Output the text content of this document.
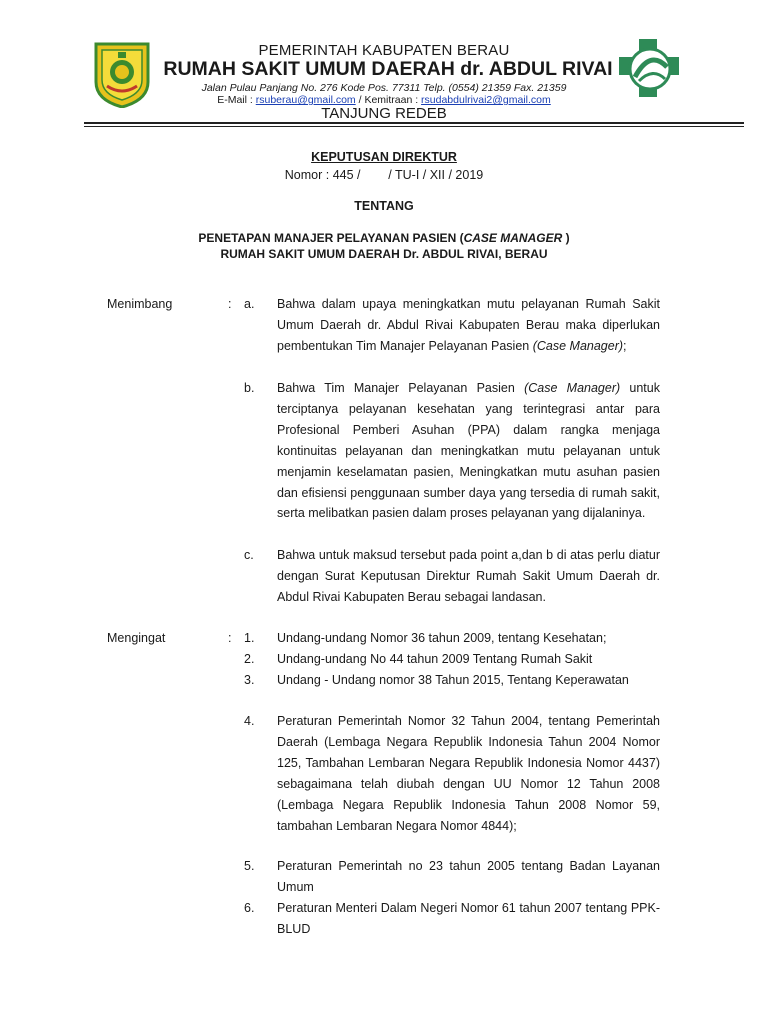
PEMERINTAH KABUPATEN BERAU
RUMAH SAKIT UMUM DAERAH dr. ABDUL RIVAI
Jalan Pulau Panjang No. 276 Kode Pos. 77311 Telp. (0554) 21359 Fax. 21359
E-Mail : rsuberau@gmail.com / Kemitraan : rsudabdulrivai2@gmail.com
TANJUNG REDEB
KEPUTUSAN DIREKTUR
Nomor : 445 /        / TU-I / XII / 2019
TENTANG
PENETAPAN MANAJER PELAYANAN PASIEN (CASE MANAGER )
RUMAH SAKIT UMUM DAERAH Dr. ABDUL RIVAI, BERAU
Menimbang	: a.	Bahwa dalam upaya meningkatkan mutu pelayanan Rumah Sakit Umum Daerah dr. Abdul Rivai Kabupaten Berau maka diperlukan pembentukan Tim Manajer Pelayanan Pasien (Case Manager);
b.	Bahwa Tim Manajer Pelayanan Pasien (Case Manager) untuk terciptanya pelayanan kesehatan yang terintegrasi antar para Profesional Pemberi Asuhan (PPA) dalam rangka menjaga kontinuitas pelayanan dan meningkatkan mutu pelayanan untuk menjamin keselamatan pasien, Meningkatkan mutu asuhan pasien dan efisiensi penggunaan sumber daya yang tersedia di rumah sakit, serta melibatkan pasien dalam proses pelayanan yang dijalaninya.
c.	Bahwa untuk maksud tersebut pada point a,dan b di atas perlu diatur dengan Surat Keputusan Direktur Rumah Sakit Umum Daerah dr. Abdul Rivai Kabupaten Berau sebagai landasan.
Mengingat	: 1.	Undang-undang Nomor 36 tahun 2009, tentang Kesehatan;
2.	Undang-undang No 44 tahun 2009 Tentang Rumah Sakit
3.	Undang - Undang nomor 38 Tahun 2015, Tentang Keperawatan
4.	Peraturan Pemerintah Nomor 32 Tahun 2004, tentang Pemerintah Daerah (Lembaga Negara Republik Indonesia Tahun 2004 Nomor 125, Tambahan Lembaran Negara Republik Indonesia Nomor 4437) sebagaimana telah diubah dengan UU Nomor 12 Tahun 2008 (Lembaga Negara Republik Indonesia Tahun 2008 Nomor 59, tambahan Lembaran Negara Nomor 4844);
5.	Peraturan Pemerintah no 23 tahun 2005 tentang Badan Layanan Umum
6.	Peraturan Menteri Dalam Negeri Nomor 61 tahun 2007 tentang PPK- BLUD
